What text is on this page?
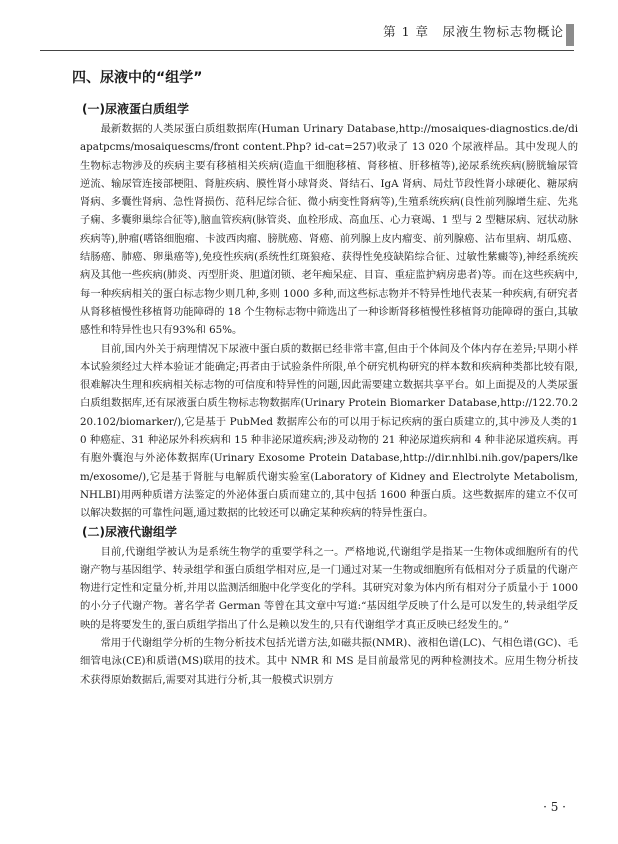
第 1 章　尿液生物标志物概论
四、尿液中的“组学”
(一)尿液蛋白质组学

最新数据的人类尿蛋白质组数据库(Human Urinary Database,http://mosaiques-diagnostics.de/diapatpcms/mosaiquescms/front content.Php? id-cat=257)收录了 13 020 个尿液样品。其中发现人的生物标志物涉及的疾病主要有移植相关疾病(造血干细胞移植、肾移植、肝移植等),泌尿系统疾病(膀胱输尿管逆流、输尿管连接部梗阻、肾脏疾病、膜性肾小球肾炎、肾结石、IgA 肾病、局灶节段性肾小球硬化、糖尿病肾病、多囊性肾病、急性肾损伤、范科尼综合征、微小病变性肾病等),生殖系统疾病(良性前列腺增生症、先兆子痫、多囊卵巢综合征等),脑血管疾病(脉管炎、血栓形成、高血压、心力衰竭、1 型与 2 型糖尿病、冠状动脉疾病等),肿瘤(嗜铬细胞瘤、卡波西肉瘤、膀胱癌、肾癌、前列腺上皮内瘤变、前列腺癌、沾布里病、胡瓜癌、结肠癌、肺癌、卵巢癌等),免疫性疾病(系统性红斑狼疮、获得性免疫缺陷综合征、过敏性紫癜等),神经系统疾病及其他一些疾病(肺炎、丙型肝炎、胆道闭锁、老年痴呆症、目盲、重症监护病房患者)等。而在这些疾病中,每一种疾病相关的蛋白标志物少则几种,多则 1000 多种,而这些标志物并不特异性地代表某一种疾病,有研究者从肾移植慢性移植肾功能障碍的 18 个生物标志物中筛选出了一种诊断肾移植慢性移植肾功能障碍的蛋白,其敏感性和特异性也只有93%和 65%。

目前,国内外关于病理情况下尿液中蛋白质的数据已经非常丰富,但由于个体间及个体内存在差异;早期小样本试验须经过大样本验证才能确定;再者由于试验条件所限,单个研究机构研究的样本数和疾病种类都比较有限,很难解决生理和疾病相关标志物的可信度和特异性的问题,因此需要建立数据共享平台。如上面提及的人类尿蛋白质组数据库,还有尿液蛋白质生物标志物数据库(Urinary Protein Biomarker Database,http://122.70.220.102/biomarker/),它是基于 PubMed 数据库公布的可以用于标记疾病的蛋白质建立的,其中涉及人类的10 种癌症、31 种泌尿外科疾病和 15 种非泌尿道疾病;涉及动物的 21 种泌尿道疾病和 4 种非泌尿道疾病。再有胞外囊泡与外泌体数据库(Urinary Exosome Protein Database,http://dir.nhlbi.nih.gov/papers/lkem/exosome/),它是基于肾脏与电解质代谢实验室(Laboratory of Kidney and Electrolyte Metabolism,NHLBI)用两种质谱方法鉴定的外泌体蛋白质而建立的,其中包括 1600 种蛋白质。这些数据库的建立不仅可以解决数据的可靠性问题,通过数据的比较还可以确定某种疾病的特异性蛋白。

(二)尿液代谢组学

目前,代谢组学被认为是系统生物学的重要学科之一。严格地说,代谢组学是指某一生物体或细胞所有的代谢产物与基因组学、转录组学和蛋白质组学相对应,是一门通过对某一生物或细胞所有低相对分子质量的代谢产物进行定性和定量分析,并用以监测活细胞中化学变化的学科。其研究对象为体内所有相对分子质量小于 1000 的小分子代谢产物。著名学者 German 等曾在其文章中写道:“基因组学反映了什么是可以发生的,转录组学反映的是将要发生的,蛋白质组学指出了什么是赖以发生的,只有代谢组学才真正反映已经发生的。”

常用于代谢组学分析的生物分析技术包括光谱方法,如磁共振(NMR)、液相色谱(LC)、气相色谱(GC)、毛细管电泳(CE)和质谱(MS)联用的技术。其中 NMR 和 MS 是目前最常见的两种检测技术。应用生物分析技术获得原始数据后,需要对其进行分析,其一般模式识别方

· 5 ·
